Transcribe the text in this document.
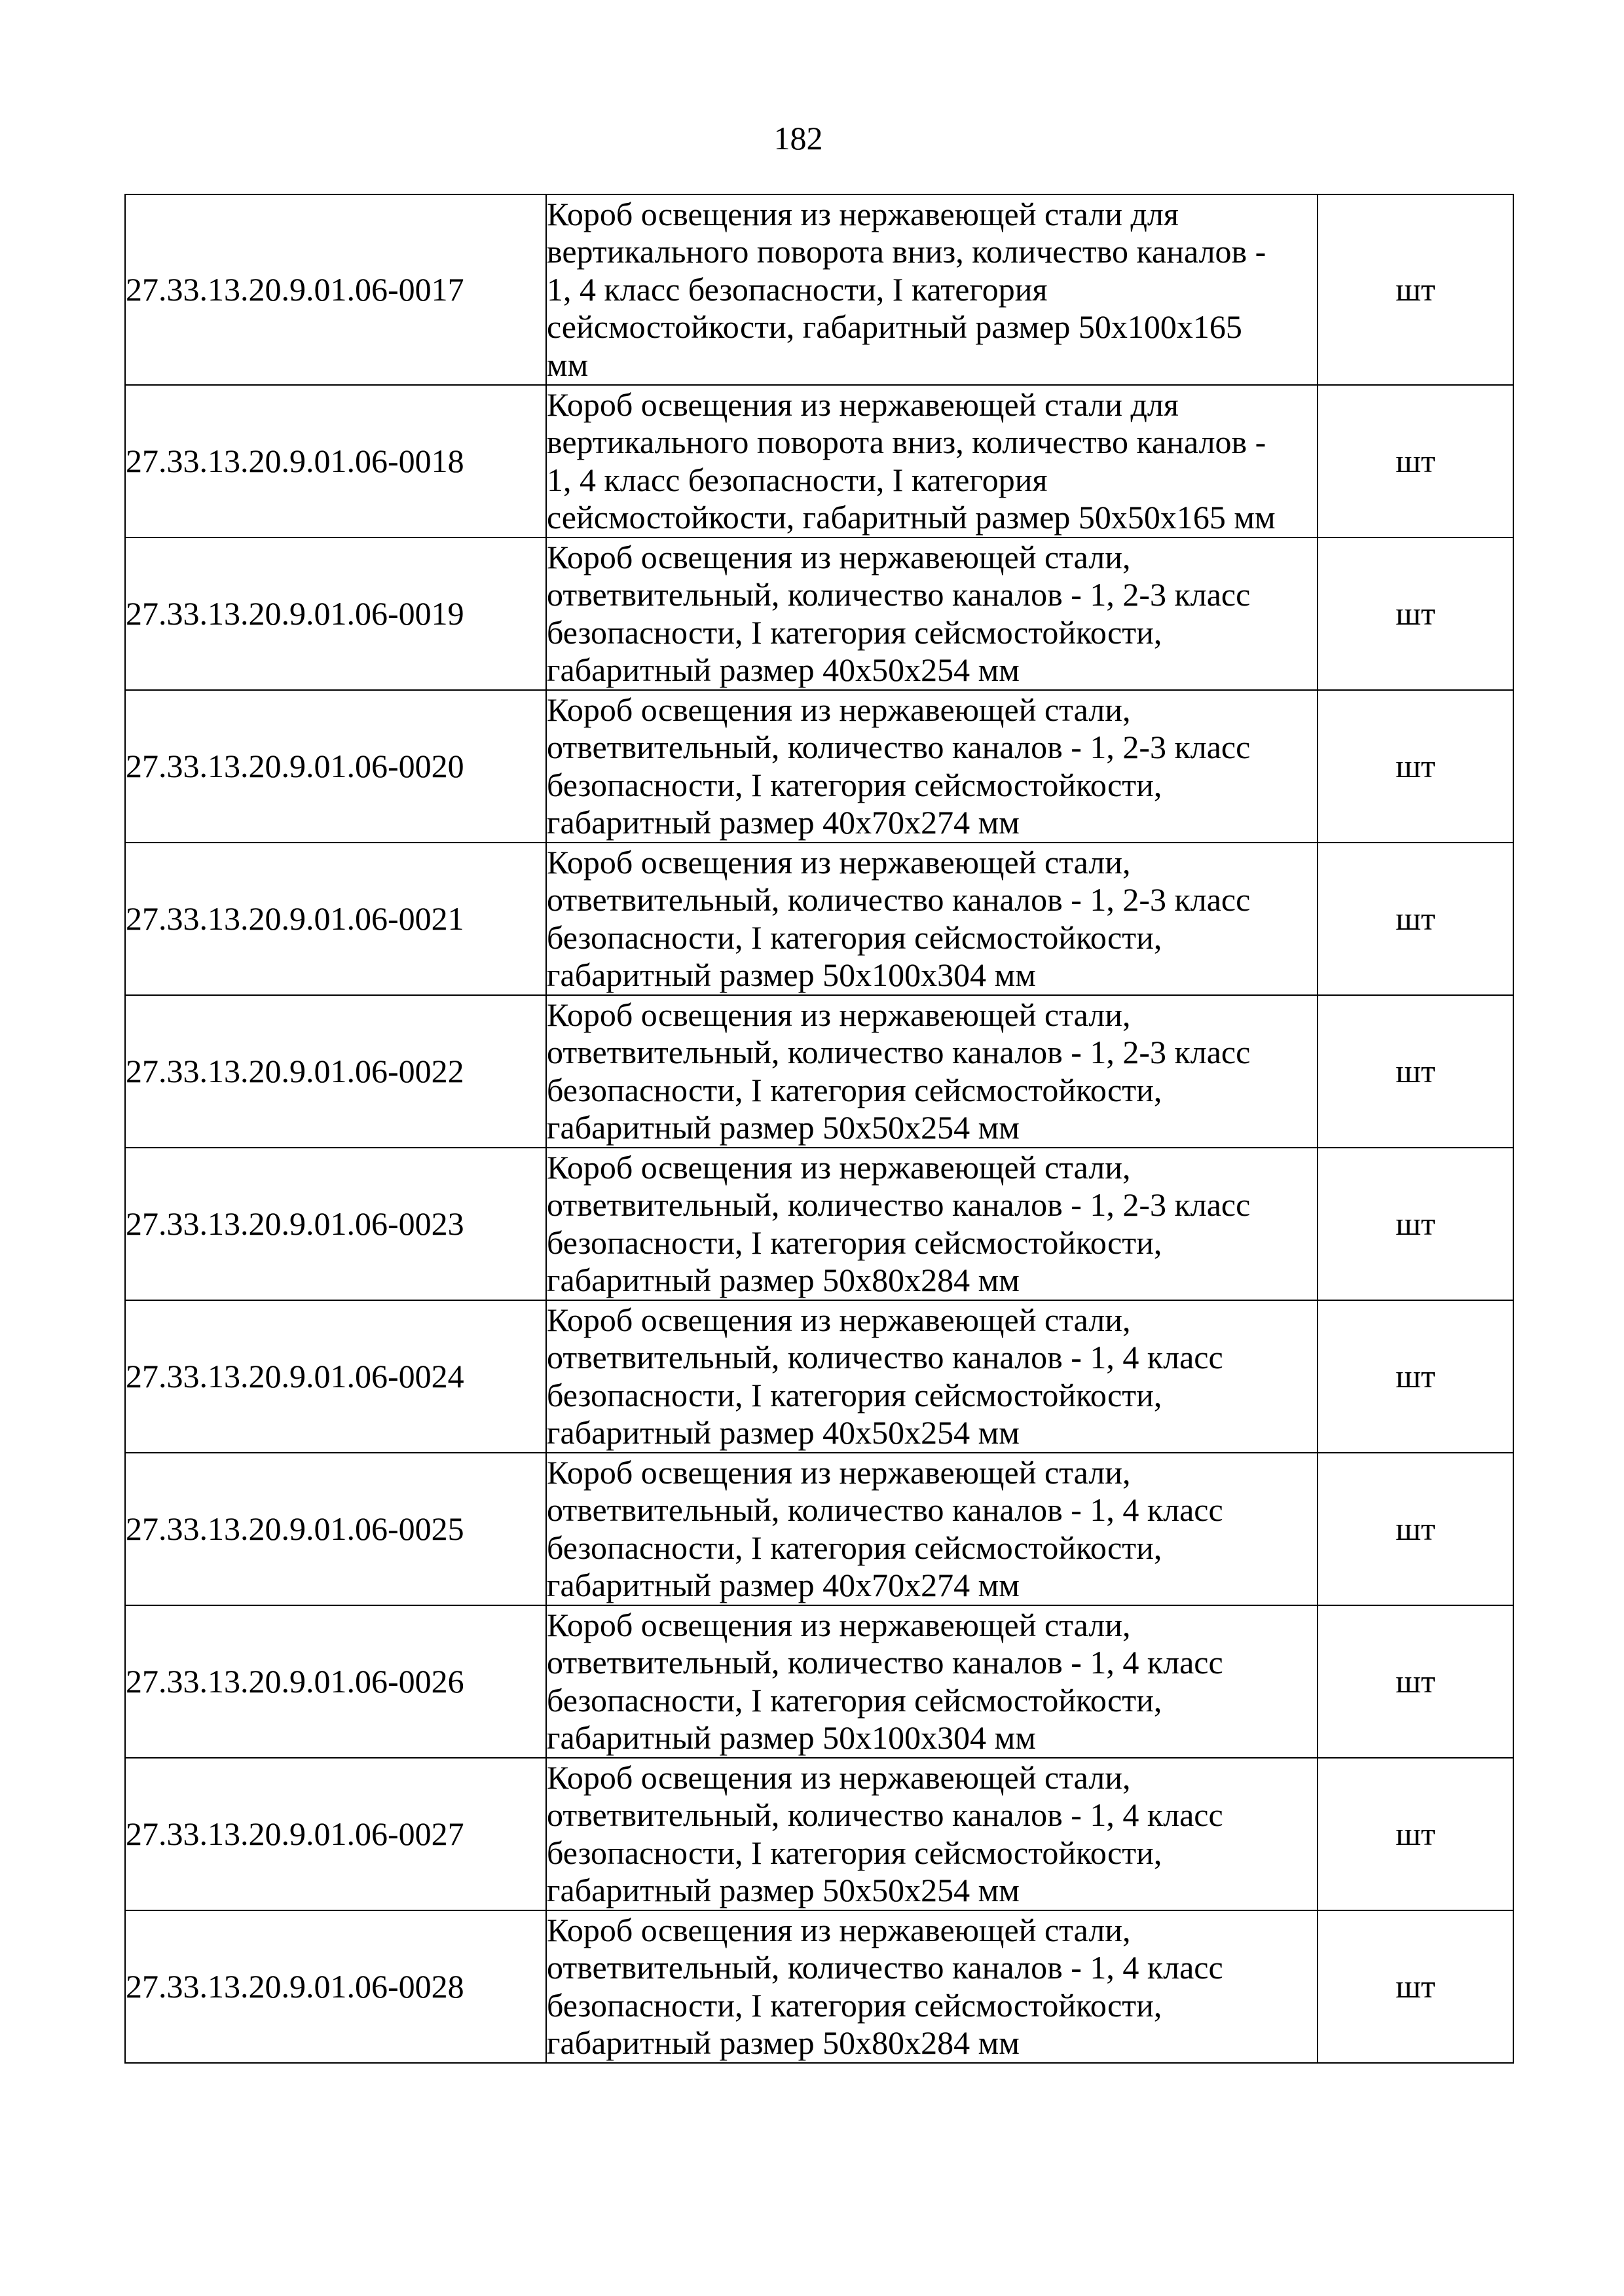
182
27.33.13.20.9.01.06-0017	Короб освещения из нержавеющей стали для
вертикального поворота вниз, количество каналов -
1, 4 класс безопасности, I категория
сейсмостойкости, габаритный размер 50x100x165
мм	шт
27.33.13.20.9.01.06-0018	Короб освещения из нержавеющей стали для
вертикального поворота вниз, количество каналов -
1, 4 класс безопасности, I категория
сейсмостойкости, габаритный размер 50x50x165 мм	шт
27.33.13.20.9.01.06-0019	Короб освещения из нержавеющей стали,
ответвительный, количество каналов - 1, 2-3 класс
безопасности, I категория сейсмостойкости,
габаритный размер 40x50x254 мм	шт
27.33.13.20.9.01.06-0020	Короб освещения из нержавеющей стали,
ответвительный, количество каналов - 1, 2-3 класс
безопасности, I категория сейсмостойкости,
габаритный размер 40x70x274 мм	шт
27.33.13.20.9.01.06-0021	Короб освещения из нержавеющей стали,
ответвительный, количество каналов - 1, 2-3 класс
безопасности, I категория сейсмостойкости,
габаритный размер 50x100x304 мм	шт
27.33.13.20.9.01.06-0022	Короб освещения из нержавеющей стали,
ответвительный, количество каналов - 1, 2-3 класс
безопасности, I категория сейсмостойкости,
габаритный размер 50x50x254 мм	шт
27.33.13.20.9.01.06-0023	Короб освещения из нержавеющей стали,
ответвительный, количество каналов - 1, 2-3 класс
безопасности, I категория сейсмостойкости,
габаритный размер 50x80x284 мм	шт
27.33.13.20.9.01.06-0024	Короб освещения из нержавеющей стали,
ответвительный, количество каналов - 1, 4 класс
безопасности, I категория сейсмостойкости,
габаритный размер 40x50x254 мм	шт
27.33.13.20.9.01.06-0025	Короб освещения из нержавеющей стали,
ответвительный, количество каналов - 1, 4 класс
безопасности, I категория сейсмостойкости,
габаритный размер 40x70x274 мм	шт
27.33.13.20.9.01.06-0026	Короб освещения из нержавеющей стали,
ответвительный, количество каналов - 1, 4 класс
безопасности, I категория сейсмостойкости,
габаритный размер 50x100x304 мм	шт
27.33.13.20.9.01.06-0027	Короб освещения из нержавеющей стали,
ответвительный, количество каналов - 1, 4 класс
безопасности, I категория сейсмостойкости,
габаритный размер 50x50x254 мм	шт
27.33.13.20.9.01.06-0028	Короб освещения из нержавеющей стали,
ответвительный, количество каналов - 1, 4 класс
безопасности, I категория сейсмостойкости,
габаритный размер 50x80x284 мм	шт
